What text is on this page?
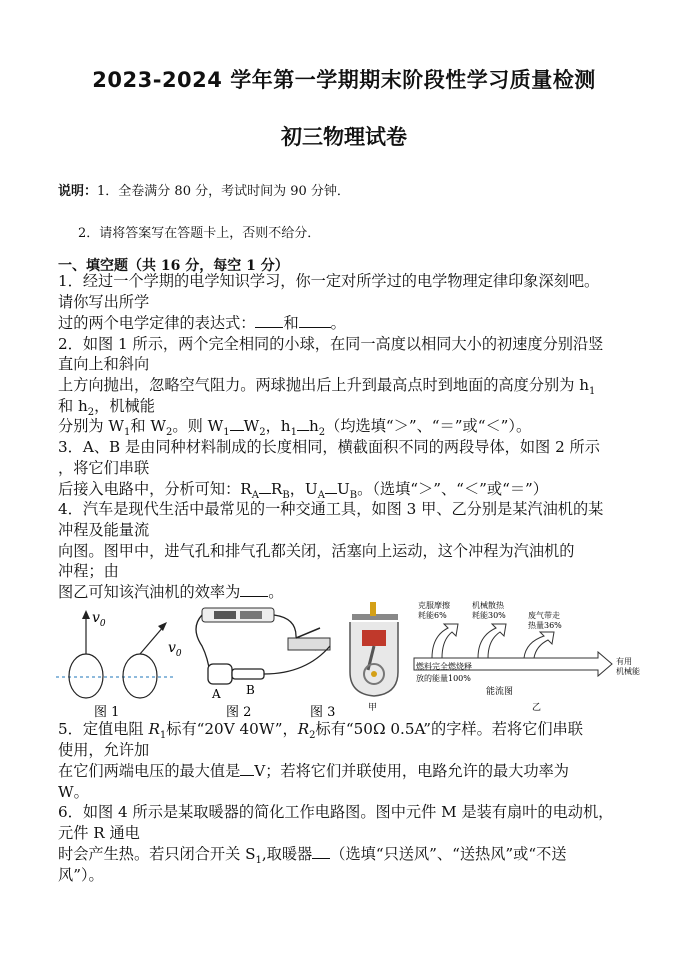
2023-2024 学年第一学期期末阶段性学习质量检测
初三物理试卷
说明：1．全卷满分 80 分，考试时间为 90 分钟．
2．请将答案写在答题卡上，否则不给分．
一、填空题（共 16 分，每空 1 分）
1．经过一个学期的电学知识学习，你一定对所学过的电学物理定律印象深刻吧。
请你写出所学
过的两个电学定律的表达式： 和 。
2．如图 1 所示，两个完全相同的小球，在同一高度以相同大小的初速度分别沿竖
直向上和斜向
上方向抛出，忽略空气阻力。两球抛出后上升到最高点时到地面的高度分别为 $h_1$
和 $h_2$，机械能
分别为 $W_1$和 $W_2$。则 $W_1$ $W_2$，$h_1$ $h_2$（均选填“＞”、“＝”或“＜”）。
3．A、B 是由同种材料制成的长度相同，横截面积不同的两段导体，如图 2 所示
，将它们串联
后接入电路中，分析可知：$R_A$ $R_B$，$U_A$ $U_B$。（选填“＞”、“＜”或“＝”）
4．汽车是现代生活中最常见的一种交通工具，如图 3 甲、乙分别是某汽油机的某
冲程及能量流
向图。图甲中，进气孔和排气孔都关闭，活塞向上运动，这个冲程为汽油机的
冲程；由
图乙可知该汽油机的效率为 。
$v_0$
$v_0$
图 1
A B
图 2	图 3	甲
克服摩擦
耗能6%
机械散热
耗能30%	废气带走
热量36%
燃料完全燃烧释
放的能量100%
有用
机械能
能流图
乙
5．定值电阻 $R_1$标有“20V 40W”，$R_2$标有“50Ω 0.5A”的字样。若将它们串联
使用，允许加
在它们两端电压的最大值是 V；若将它们并联使用，电路允许的最大功率为
W。
6．如图 4 所示是某取暖器的简化工作电路图。图中元件 M 是装有扇叶的电动机，
元件 R 通电
时会产生热。若只闭合开关 $S_1$,取暖器 （选填“只送风”、“送热风”或“不送
风”）。
